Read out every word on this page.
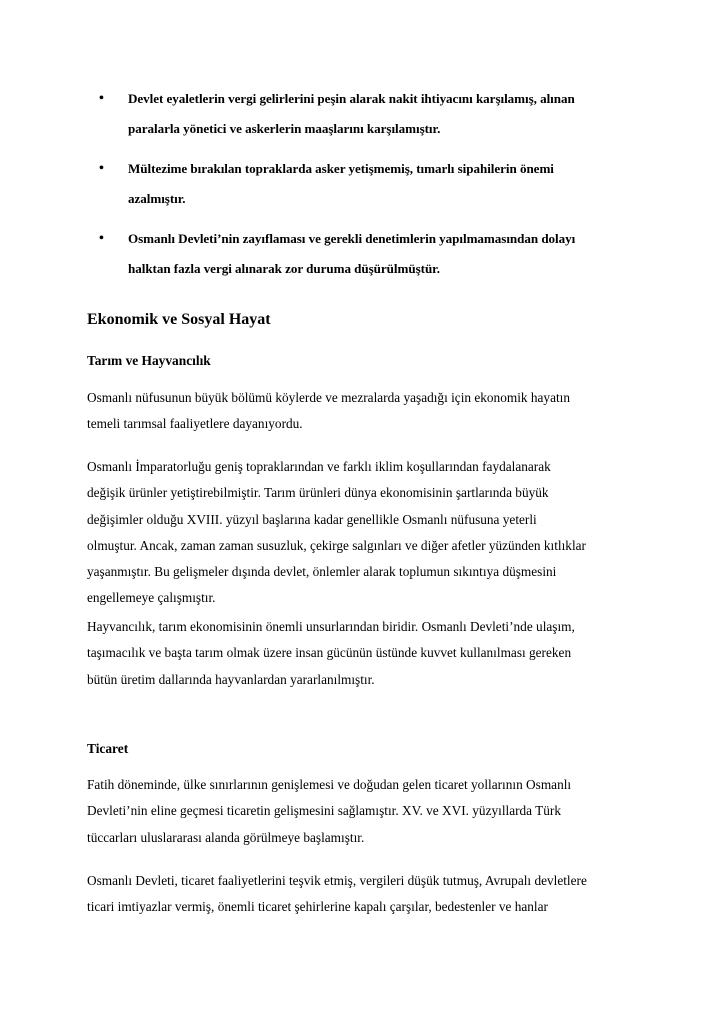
• Devlet eyaletlerin vergi gelirlerini peşin alarak nakit ihtiyacını karşılamış, alınan
paralarla yönetici ve askerlerin maaşlarını karşılamıştır.
• Mültezime bırakılan topraklarda asker yetişmemiş, tımarlı sipahilerin önemi
azalmıştır.
• Osmanlı Devleti’nin zayıflaması ve gerekli denetimlerin yapılmamasından dolayı
halktan fazla vergi alınarak zor duruma düşürülmüştür.
Ekonomik ve Sosyal Hayat
Tarım ve Hayvancılık
Osmanlı nüfusunun büyük bölümü köylerde ve mezralarda yaşadığı için ekonomik hayatın
temeli tarımsal faaliyetlere dayanıyordu.
Osmanlı İmparatorluğu geniş topraklarından ve farklı iklim koşullarından faydalanarak
değişik ürünler yetiştirebilmiştir. Tarım ürünleri dünya ekonomisinin şartlarında büyük
değişimler olduğu XVIII. yüzyıl başlarına kadar genellikle Osmanlı nüfusuna yeterli
olmuştur. Ancak, zaman zaman susuzluk, çekirge salgınları ve diğer afetler yüzünden kıtlıklar
yaşanmıştır. Bu gelişmeler dışında devlet, önlemler alarak toplumun sıkıntıya düşmesini
engellemeye çalışmıştır.
Hayvancılık, tarım ekonomisinin önemli unsurlarından biridir. Osmanlı Devleti’nde ulaşım,
taşımacılık ve başta tarım olmak üzere insan gücünün üstünde kuvvet kullanılması gereken
bütün üretim dallarında hayvanlardan yararlanılmıştır.
Ticaret
Fatih döneminde, ülke sınırlarının genişlemesi ve doğudan gelen ticaret yollarının Osmanlı
Devleti’nin eline geçmesi ticaretin gelişmesini sağlamıştır. XV. ve XVI. yüzyıllarda Türk
tüccarları uluslararası alanda görülmeye başlamıştır.
Osmanlı Devleti, ticaret faaliyetlerini teşvik etmiş, vergileri düşük tutmuş, Avrupalı devletlere
ticari imtiyazlar vermiş, önemli ticaret şehirlerine kapalı çarşılar, bedestenler ve hanlar
